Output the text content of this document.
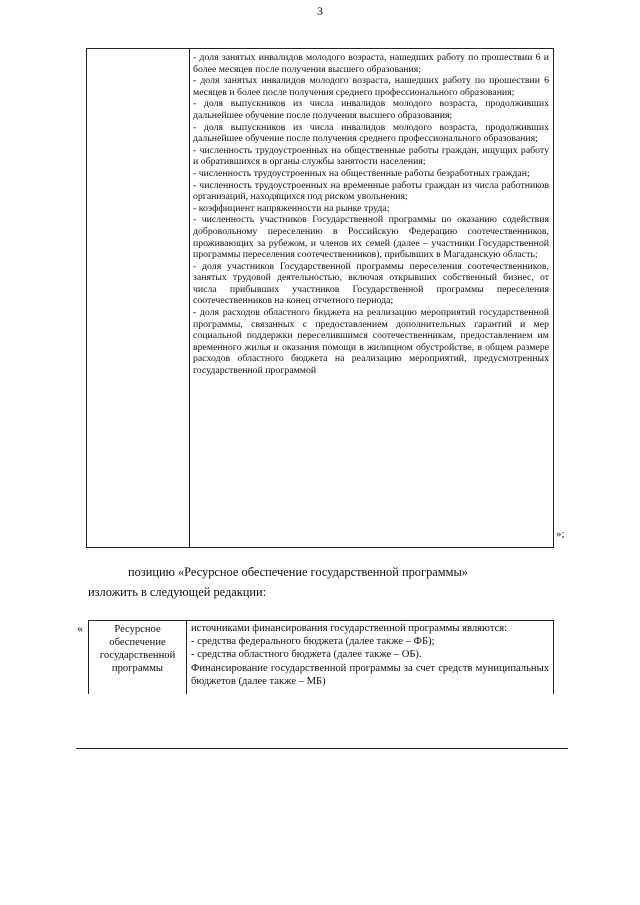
3

- доля занятых инвалидов молодого возраста, нашедших работу по прошествии 6 и более месяцев после получения высшего образования;

- доля занятых инвалидов молодого возраста, нашедших работу по прошествии 6 месяцев и более после получения среднего профессионального образования;

- доля выпускников из числа инвалидов молодого возраста, продолживших дальнейшее обучение после получения высшего образования;

- доля выпускников из числа инвалидов молодого возраста, продолживших дальнейшее обучение после получения среднего профессионального образования;

- численность трудоустроенных на общественные работы граждан, ищущих работу и обратившихся в органы службы занятости населения;

- численность трудоустроенных на общественные работы безработных граждан;

- численность трудоустроенных на временные работы граждан из числа работников организаций, находящихся под риском увольнения;

- коэффициент напряженности на рынке труда;

- численность участников Государственной программы по оказанию содействия добровольному переселению в Российскую Федерацию соотечественников, проживающих за рубежом, и членов их семей (далее – участники Государственной программы переселения соотечественников), прибывших в Магаданскую область;

- доля участников Государственной программы переселения соотечественников, занятых трудовой деятельностью, включая открывших собственный бизнес, от числа прибывших участников Государственной программы переселения соотечественников на конец отчетного периода;

- доля расходов областного бюджета на реализацию мероприятий государственной программы, связанных с предоставлением дополнительных гарантий и мер социальной поддержки переселившимся соотечественникам, предоставлением им временного жилья и оказания помощи в жилищном обустройстве, в общем размере расходов областного бюджета на реализацию мероприятий, предусмотренных государственной программой

»;
позицию «Ресурсное обеспечение государственной программы»
изложить в следующей редакции:
«	Ресурсное обеспечение государственной программы

источниками финансирования государственной программы являются:

- средства федерального бюджета (далее также – ФБ);

- средства областного бюджета (далее также – ОБ).

Финансирование государственной программы за счет средств муниципальных бюджетов (далее также – МБ)
